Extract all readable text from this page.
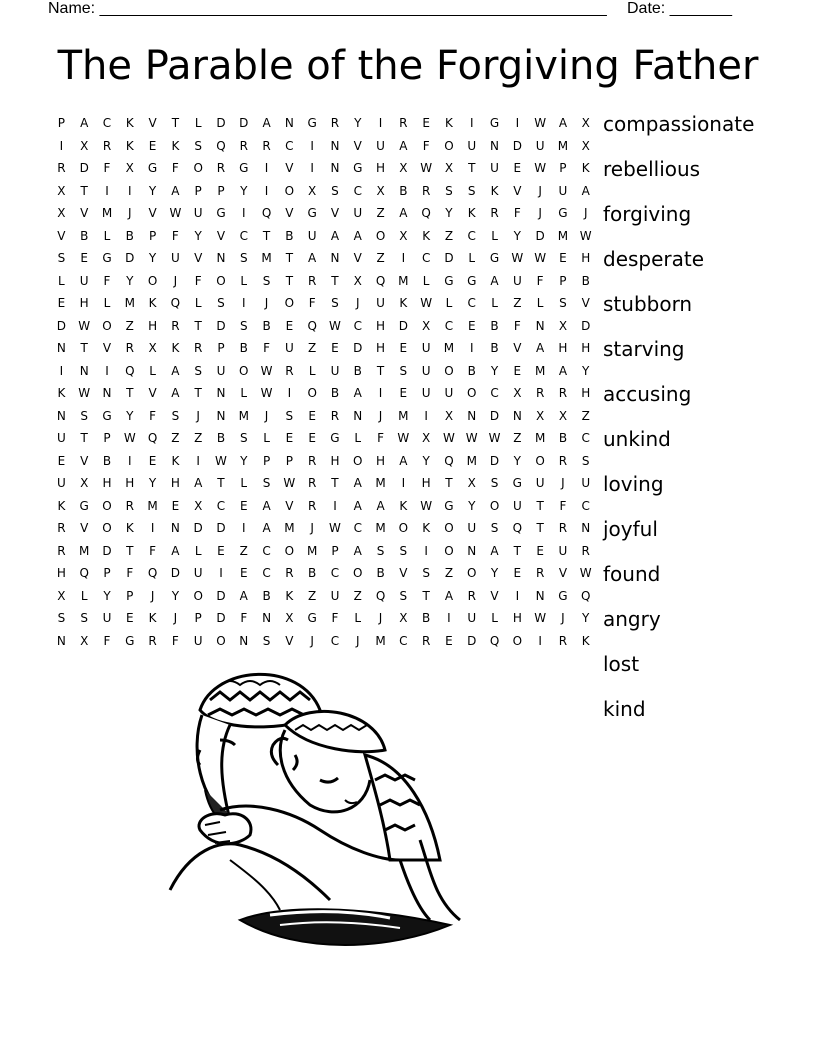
Name: _________________________________________________________ Date: _______
The Parable of the Forgiving Father
P	A	C	K	V	T	L	D	D	A	N	G	R	Y	I	R	E	K	I	G	I	W	A	X
I	X	R	K	E	K	S	Q	R	R	C	I	N	V	U	A	F	O	U	N	D	U	M	X
R	D	F	X	G	F	O	R	G	I	V	I	N	G	H	X	W	X	T	U	E	W	P	K
X	T	I	I	Y	A	P	P	Y	I	O	X	S	C	X	B	R	S	S	K	V	J	U	A
X	V	M	J	V	W	U	G	I	Q	V	G	V	U	Z	A	Q	Y	K	R	F	J	G	J
V	B	L	B	P	F	Y	V	C	T	B	U	A	A	O	X	K	Z	C	L	Y	D	M W
S	E	G	D	Y	U	V	N	S	M	T	A	N	V	Z	I	C	D	L	G	W W	E	H
L	U	F	Y	O	J	F	O	L	S	T	R	T	X	Q	M	L	G	G	A	U	F	P	B
E	H	L	M	K	Q	L	S	I	J	O	F	S	J	U	K	W	L	C	L	Z	L	S	V
D	W	O	Z	H	R	T	D	S	B	E	Q	W	C	H	D	X	C	E	B	F	N	X	D
N	T	V	R	X	K	R	P	B	F	U	Z	E	D	H	E	U	M	I	B	V	A	H	H
I	N	I	Q	L	A	S	U	O	W	R	L	U	B	T	S	U	O	B	Y	E	M	A	Y
K	W	N	T	V	A	T	N	L	W	I	O	B	A	I	E	U	U	O	C	X	R	R	H
N	S	G	Y	F	S	J	N	M	J	S	E	R	N	J	M	I	X	N	D	N	X	X	Z
U	T	P	W	Q	Z	Z	B	S	L	E	E	G	L	F	W	X	W W W	Z	M	B	C
E	V	B	I	E	K	I	W	Y	P	P	R	H	O	H	A	Y	Q	M	D	Y	O	R	S
U	X	H	H	Y	H	A	T	L	S	W	R	T	A	M	I	H	T	X	S	G	U	J	U
K	G	O	R	M	E	X	C	E	A	V	R	I	A	A	K	W	G	Y	O	U	T	F	C
R	V	O	K	I	N	D	D	I	A	M	J	W	C	M	O	K	O	U	S	Q	T	R	N
R	M	D	T	F	A	L	E	Z	C	O	M	P	A	S	S	I	O	N	A	T	E	U	R
H	Q	P	F	Q	D	U	I	E	C	R	B	C	O	B	V	S	Z	O	Y	E	R	V	W
X	L	Y	P	J	Y	O	D	A	B	K	Z	U	Z	Q	S	T	A	R	V	I	N	G	Q
S	S	U	E	K	J	P	D	F	N	X	G	F	L	J	X	B	I	U	L	H	W	J	Y
N	X	F	G	R	F	U	O	N	S	V	J	C	J	M	C	R	E	D	Q	O	I	R	K
compassionate
rebellious
forgiving
desperate
stubborn
starving
accusing
unkind
loving
joyful
found
angry
lost
kind
